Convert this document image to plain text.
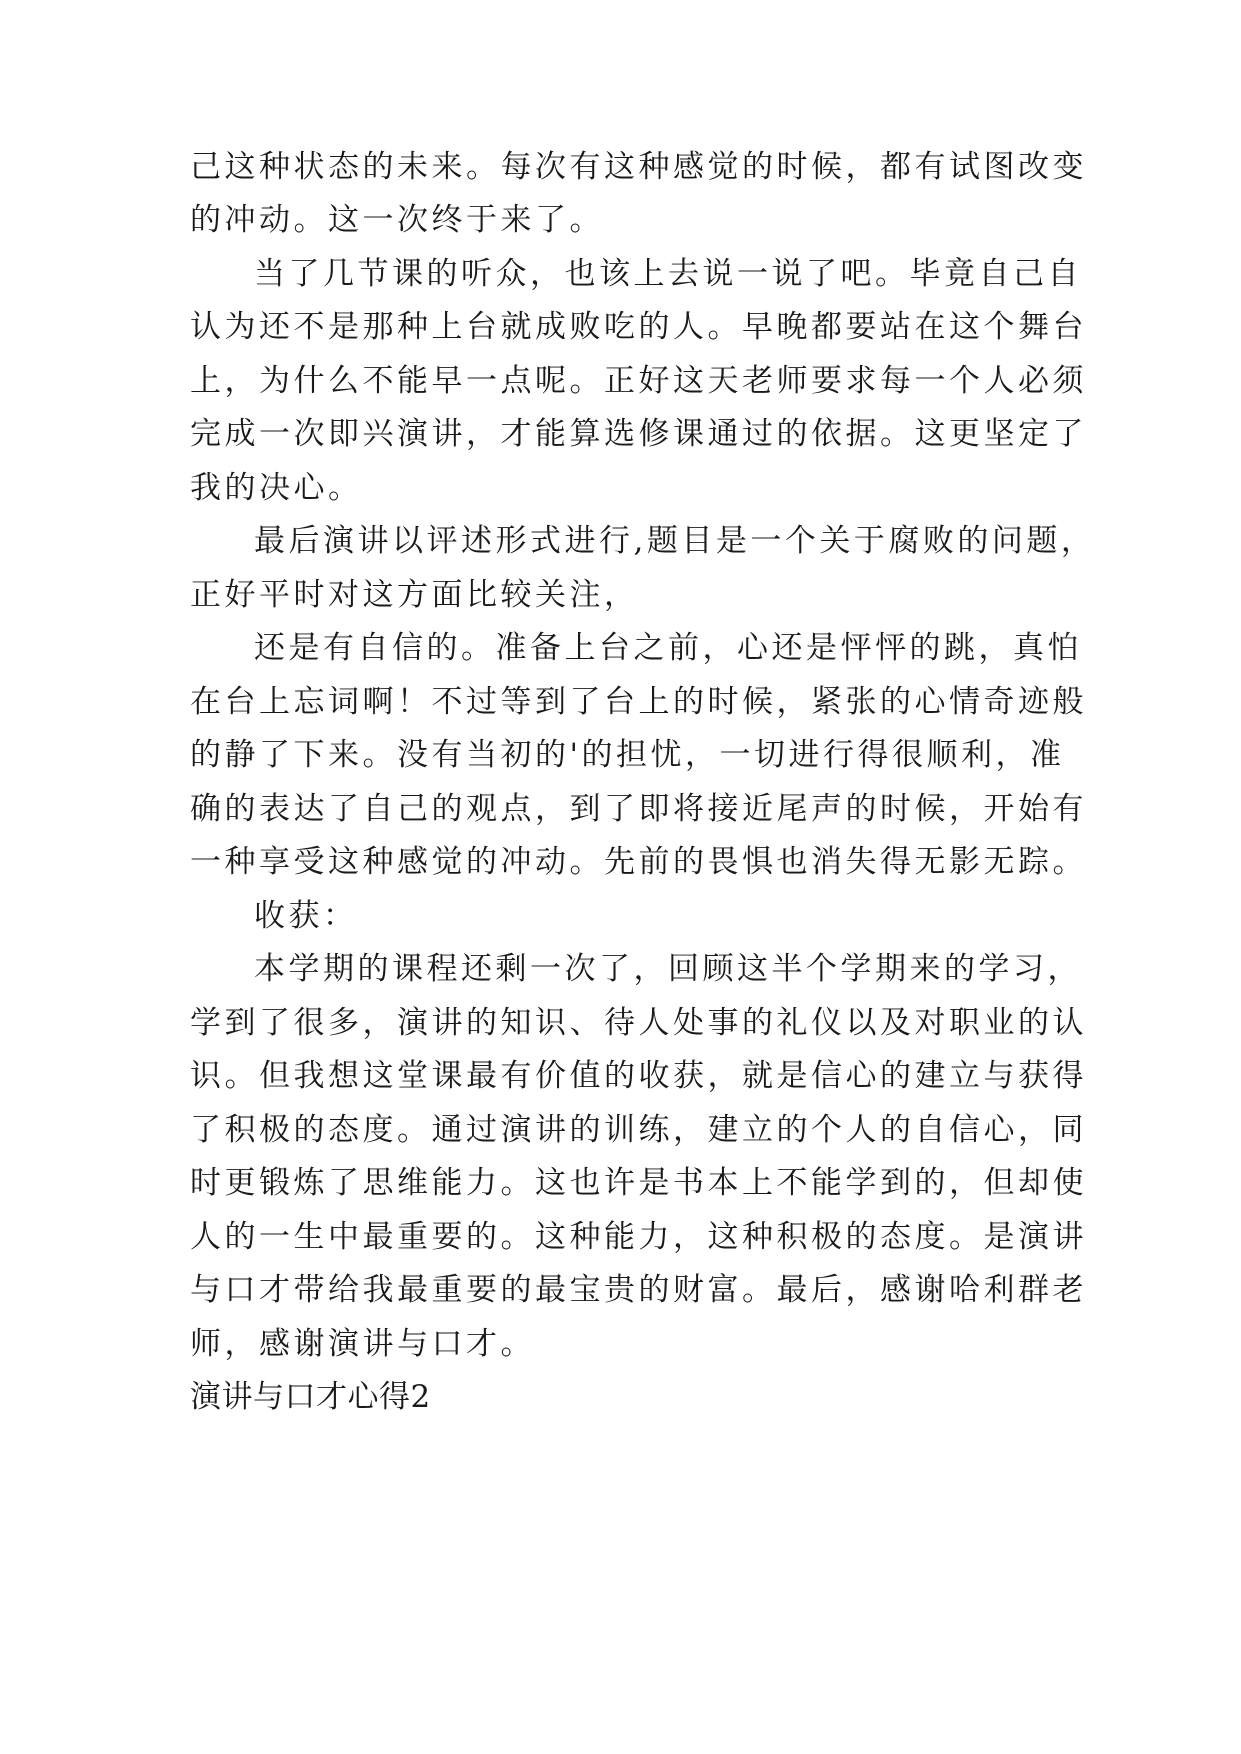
己这种状态的未来。每次有这种感觉的时候，都有试图改变

的冲动。这一次终于来了。

当了几节课的听众，也该上去说一说了吧。毕竟自己自

认为还不是那种上台就成败吃的人。早晚都要站在这个舞台

上，为什么不能早一点呢。正好这天老师要求每一个人必须

完成一次即兴演讲，才能算选修课通过的依据。这更坚定了

我的决心。

最后演讲以评述形式进行,题目是一个关于腐败的问题，

正好平时对这方面比较关注，

还是有自信的。准备上台之前，心还是怦怦的跳，真怕

在台上忘词啊！不过等到了台上的时候，紧张的心情奇迹般

的静了下来。没有当初的'的担忧，一切进行得很顺利，准

确的表达了自己的观点，到了即将接近尾声的时候，开始有

一种享受这种感觉的冲动。先前的畏惧也消失得无影无踪。

收获：

本学期的课程还剩一次了，回顾这半个学期来的学习，

学到了很多，演讲的知识、待人处事的礼仪以及对职业的认

识。但我想这堂课最有价值的收获，就是信心的建立与获得

了积极的态度。通过演讲的训练，建立的个人的自信心，同

时更锻炼了思维能力。这也许是书本上不能学到的，但却使

人的一生中最重要的。这种能力，这种积极的态度。是演讲

与口才带给我最重要的最宝贵的财富。最后，感谢哈利群老

师，感谢演讲与口才。

演讲与口才心得2
